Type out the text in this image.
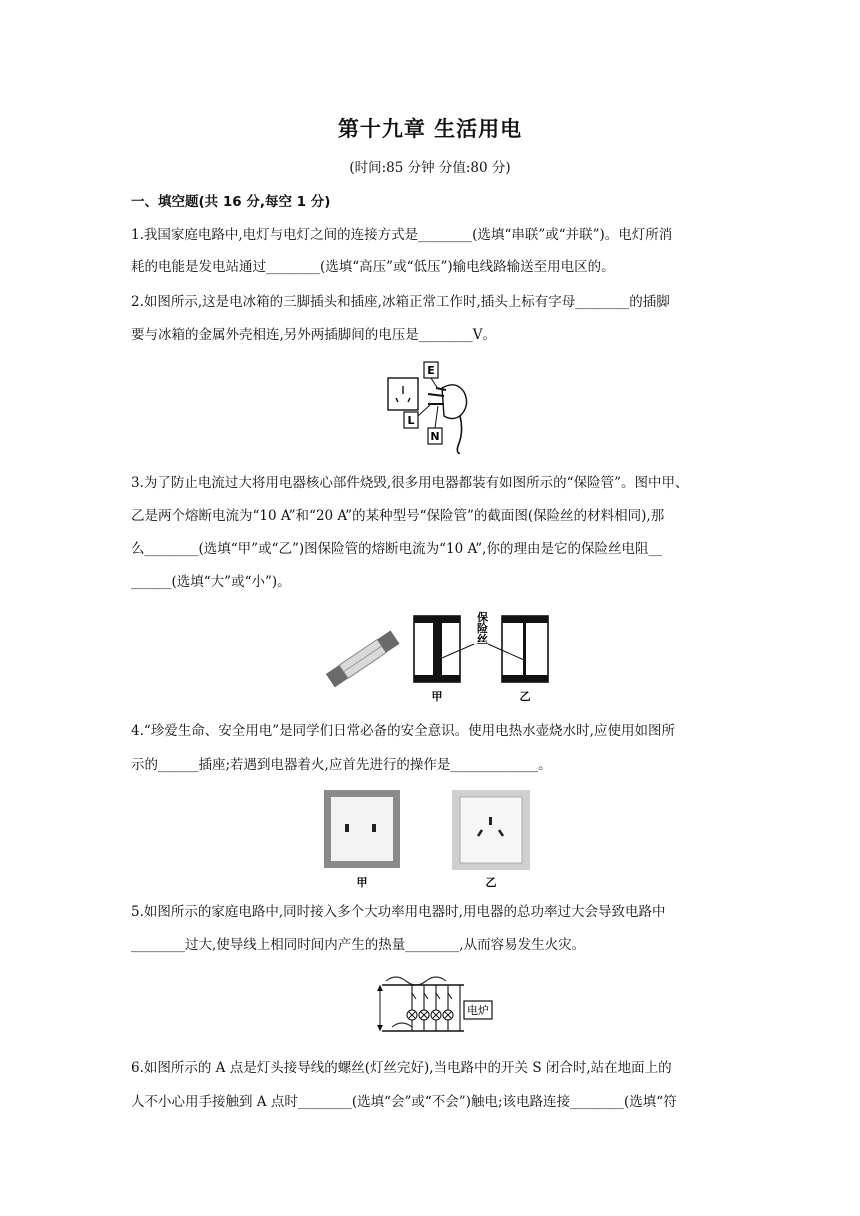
第十九章 生活用电
(时间:85 分钟 分值:80 分)
一、填空题(共 16 分,每空 1 分)
1.我国家庭电路中,电灯与电灯之间的连接方式是________(选填“串联”或“并联”)。电灯所消
耗的电能是发电站通过________(选填“高压”或“低压”)输电线路输送至用电区的。
2.如图所示,这是电冰箱的三脚插头和插座,冰箱正常工作时,插头上标有字母________的插脚
要与冰箱的金属外壳相连,另外两插脚间的电压是________V。
E
L
N
3.为了防止电流过大将用电器核心部件烧毁,很多用电器都装有如图所示的“保险管”。图中甲、
乙是两个熔断电流为“10 A”和“20 A”的某种型号“保险管”的截面图(保险丝的材料相同),那
么________(选填“甲”或“乙”)图保险管的熔断电流为“10 A”,你的理由是它的保险丝电阻__
______(选填“大”或“小”)。
保险丝
甲	乙
4.“珍爱生命、安全用电”是同学们日常必备的安全意识。使用电热水壶烧水时,应使用如图所
示的______插座;若遇到电器着火,应首先进行的操作是_____________。
甲	乙
5.如图所示的家庭电路中,同时接入多个大功率用电器时,用电器的总功率过大会导致电路中
________过大,使导线上相同时间内产生的热量________,从而容易发生火灾。
电炉
6.如图所示的 A 点是灯头接导线的螺丝(灯丝完好),当电路中的开关 S 闭合时,站在地面上的
人不小心用手接触到 A 点时________(选填“会”或“不会”)触电;该电路连接________(选填“符
